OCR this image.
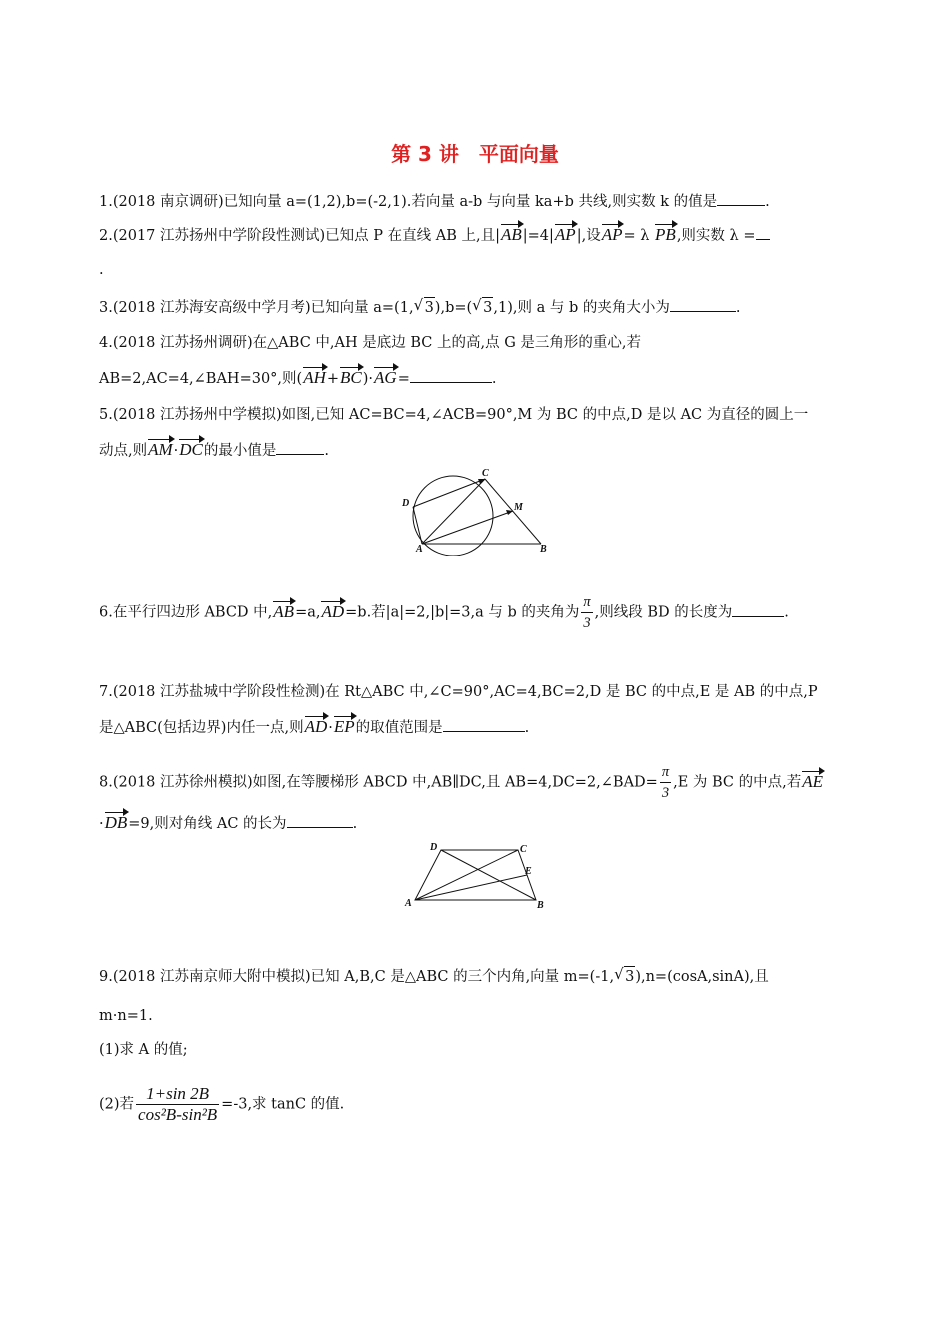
第 3 讲　平面向量
1.(2018 南京调研)已知向量 a=(1,2),b=(-2,1).若向量 a-b 与向量 ka+b 共线,则实数 k 的值是	.
2.(2017 江苏扬州中学阶段性测试)已知点 P 在直线 AB 上,且|AB|=4|AP|,设AP= λ PB,则实数 λ =
.
3.(2018 江苏海安高级中学月考)已知向量 a=(1, √ 3),b=( √ 3,1),则 a 与 b 的夹角大小为	.
4.(2018 江苏扬州调研)在△ABC 中,AH 是底边 BC 上的高,点 G 是三角形的重心,若
AB=2,AC=4,∠BAH=30°,则(AH+BC)·AG=	.
5.(2018 江苏扬州中学模拟)如图,已知 AC=BC=4,∠ACB=90°,M 为 BC 的中点,D 是以 AC 为直径的圆上一
动点,则AM·DC的最小值是	.
C
D	M
A	B
6.在平行四边形 ABCD 中,AB=a,AD=b.若|a|=2,|b|=3,a 与 b 的夹角为 $\frac{\pi}{3}$ ,则线段 BD 的长度为	.
7.(2018 江苏盐城中学阶段性检测)在 Rt△ABC 中,∠C=90°,AC=4,BC=2,D 是 BC 的中点,E 是 AB 的中点,P
是△ABC(包括边界)内任一点,则AD·EP的取值范围是	.
8.(2018 江苏徐州模拟)如图,在等腰梯形 ABCD 中,AB∥DC,且 AB=4,DC=2,∠BAD= $\frac{\pi}{3} ,E$ 为 BC 的中点,若AE
·DB=9,则对角线 AC 的长为	.
D	C
E
A	B
9.(2018 江苏南京师大附中模拟)已知 A,B,C 是△ABC 的三个内角,向量 m=(-1, √ 3),n=(cosA,sinA),且
m·n=1.
(1)求 A 的值;
(2)若 $\frac{1+\sin 2B}{\text{cos²B-sin²B}} =-3$,求 tanC 的值.
